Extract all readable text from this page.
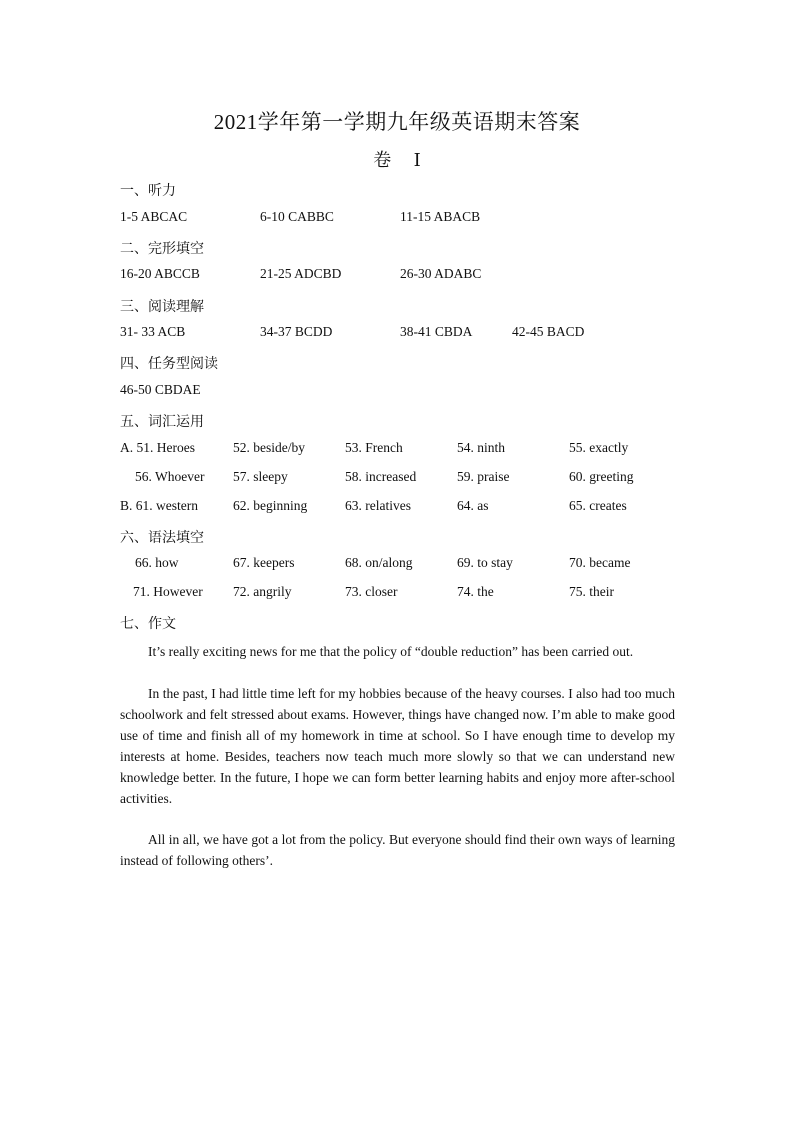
2021学年第一学期九年级英语期末答案
卷 Ⅰ
一、听力
1-5 ABCAC	6-10 CABBC	11-15 ABACB
二、完形填空
16-20 ABCCB	21-25 ADCBD	26-30 ADABC
三、阅读理解
31- 33 ACB	34-37 BCDD	38-41 CBDA	42-45 BACD
四、任务型阅读
46-50 CBDAE
五、词汇运用
A. 51. Heroes	52. beside/by	53. French	54. ninth	55. exactly
56. Whoever 57. sleepy	58. increased	59. praise	60. greeting
B. 61. western	62. beginning	63. relatives	64. as	65. creates
六、语法填空
66. how	67. keepers	68. on/along	69. to stay	70. became
71. However 72. angrily	73. closer	74. the	75. their
七、作文
It’s really exciting news for me that the policy of “double reduction” has been carried out.
In the past, I had little time left for my hobbies because of the heavy courses. I also had too much schoolwork and felt stressed about exams. However, things have changed now. I’m able to make good use of time and finish all of my homework in time at school. So I have enough time to develop my interests at home. Besides, teachers now teach much more slowly so that we can understand new knowledge better. In the future, I hope we can form better learning habits and enjoy more after-school activities.
All in all, we have got a lot from the policy. But everyone should find their own ways of learning instead of following others’.
